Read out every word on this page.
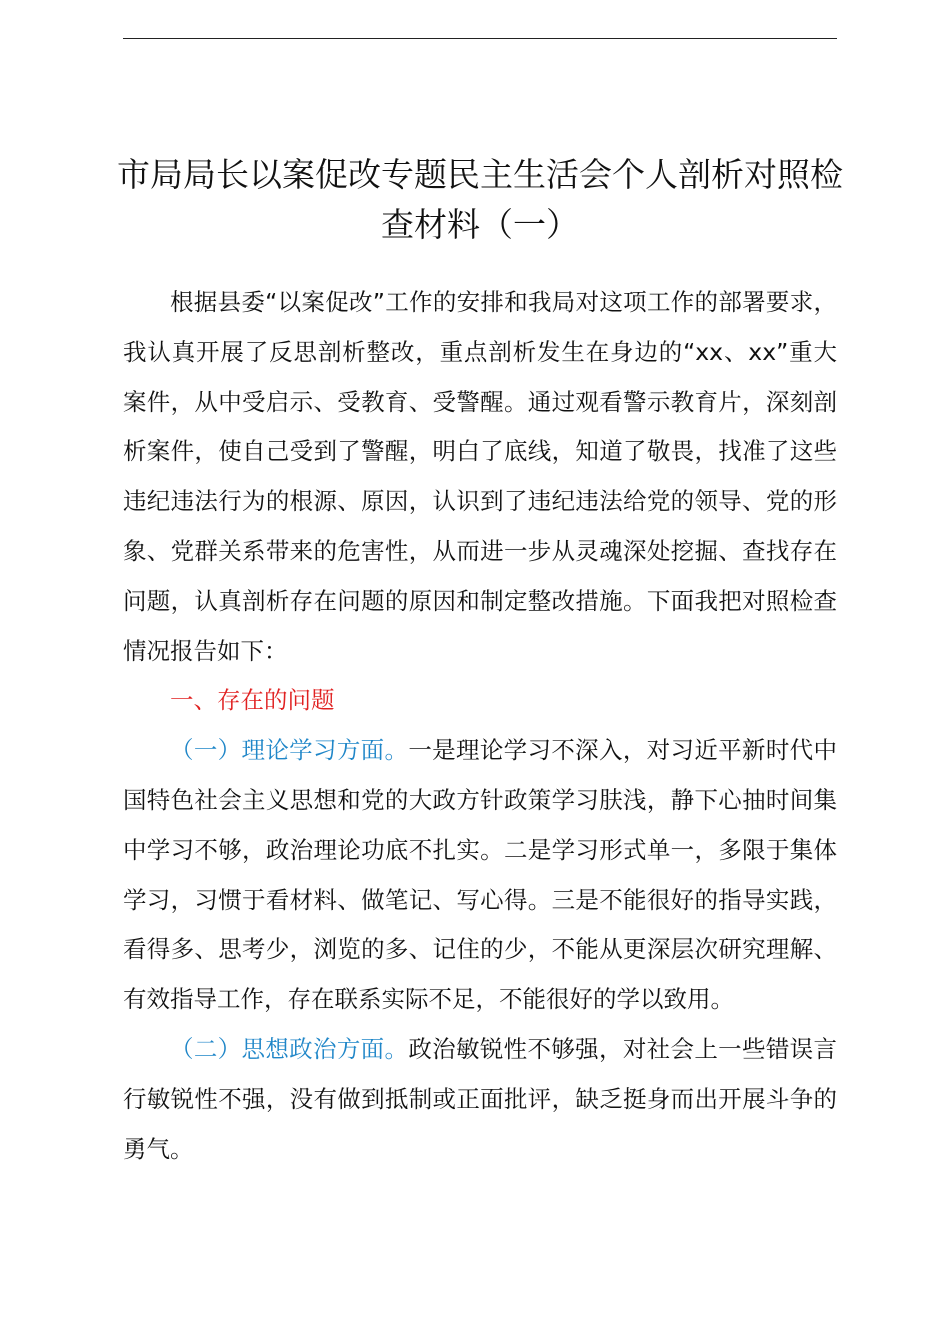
市局局长以案促改专题民主生活会个人剖析对照检查材料（一）

根据县委“以案促改”工作的安排和我局对这项工作的部署要求，我认真开展了反思剖析整改，重点剖析发生在身边的“xx、xx”重大案件，从中受启示、受教育、受警醒。通过观看警示教育片，深刻剖析案件，使自己受到了警醒，明白了底线，知道了敬畏，找准了这些违纪违法行为的根源、原因，认识到了违纪违法给党的领导、党的形象、党群关系带来的危害性，从而进一步从灵魂深处挖掘、查找存在问题，认真剖析存在问题的原因和制定整改措施。下面我把对照检查情况报告如下：

一、存在的问题

（一）理论学习方面。一是理论学习不深入，对习近平新时代中国特色社会主义思想和党的大政方针政策学习肤浅，静下心抽时间集中学习不够，政治理论功底不扎实。二是学习形式单一，多限于集体学习，习惯于看材料、做笔记、写心得。三是不能很好的指导实践，看得多、思考少，浏览的多、记住的少，不能从更深层次研究理解、有效指导工作，存在联系实际不足，不能很好的学以致用。

（二）思想政治方面。政治敏锐性不够强，对社会上一些错误言行敏锐性不强，没有做到抵制或正面批评，缺乏挺身而出开展斗争的勇气。
